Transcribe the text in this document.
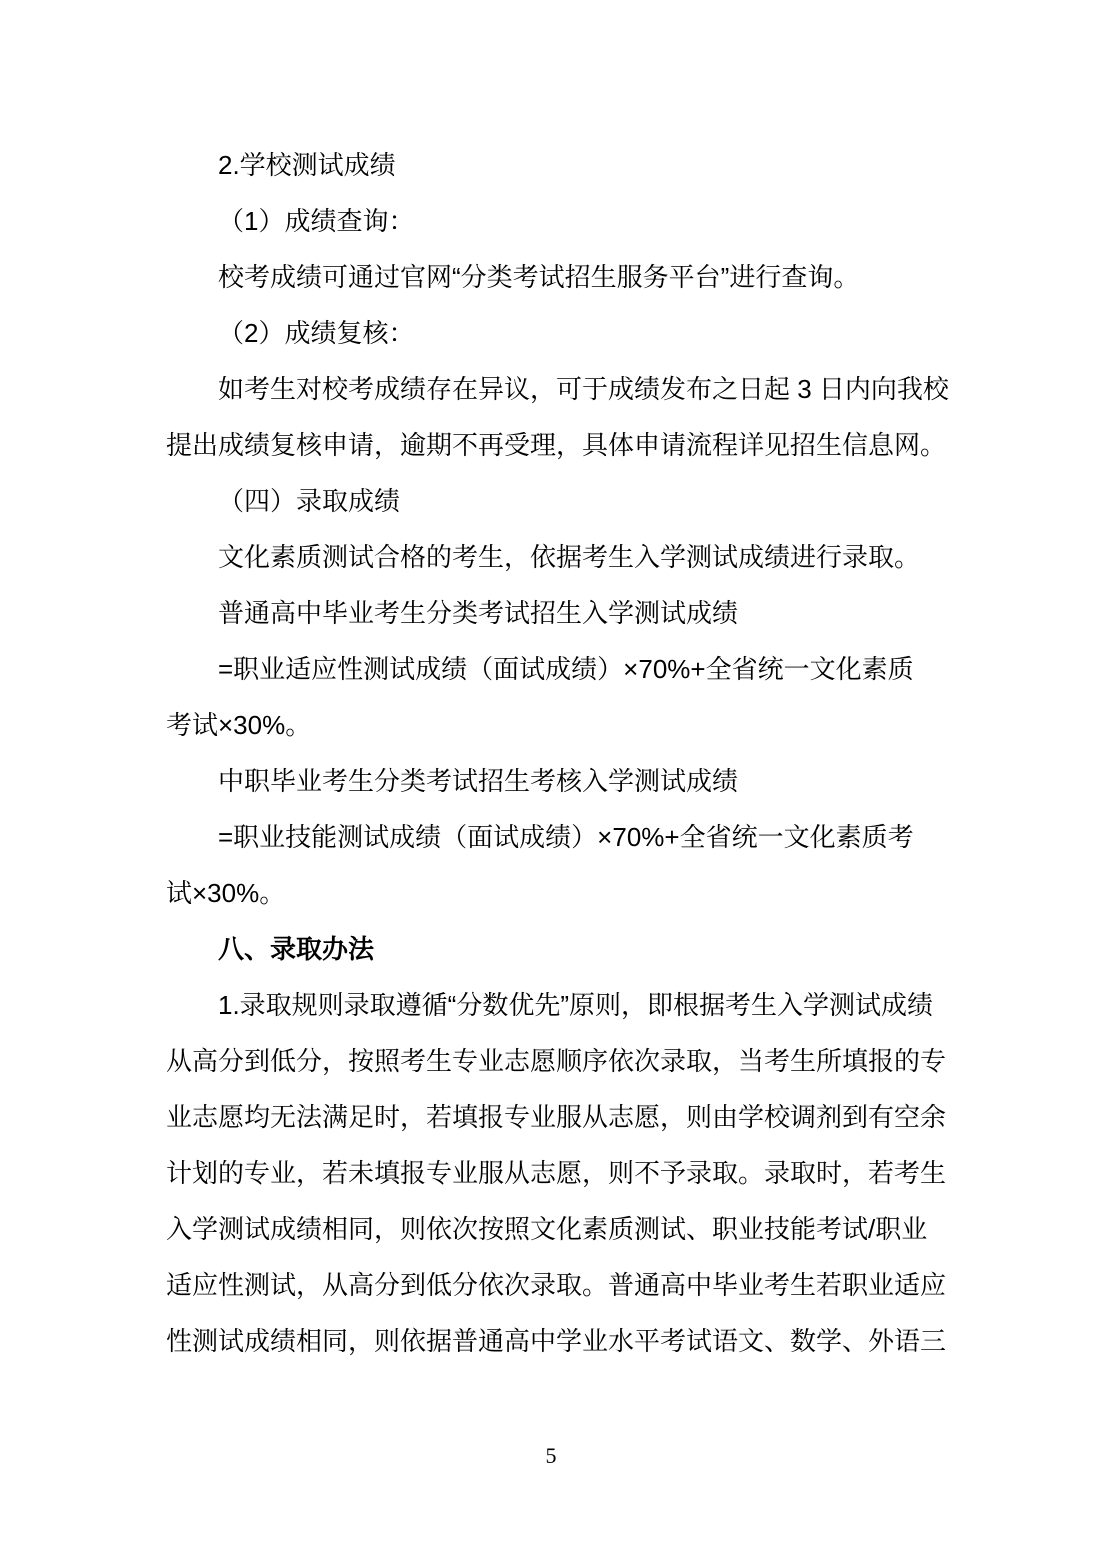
2.学校测试成绩
（1）成绩查询：
校考成绩可通过官网“分类考试招生服务平台”进行查询。
（2）成绩复核：
如考生对校考成绩存在异议，可于成绩发布之日起 3 日内向我校
提出成绩复核申请，逾期不再受理，具体申请流程详见招生信息网。
（四）录取成绩
文化素质测试合格的考生，依据考生入学测试成绩进行录取。
普通高中毕业考生分类考试招生入学测试成绩
=职业适应性测试成绩（面试成绩）×70%+全省统一文化素质
考试×30%。
中职毕业考生分类考试招生考核入学测试成绩
=职业技能测试成绩（面试成绩）×70%+全省统一文化素质考
试×30%。
八、录取办法
1.录取规则录取遵循“分数优先”原则，即根据考生入学测试成绩
从高分到低分，按照考生专业志愿顺序依次录取，当考生所填报的专
业志愿均无法满足时，若填报专业服从志愿，则由学校调剂到有空余
计划的专业，若未填报专业服从志愿，则不予录取。录取时，若考生
入学测试成绩相同，则依次按照文化素质测试、职业技能考试/职业
适应性测试，从高分到低分依次录取。普通高中毕业考生若职业适应
性测试成绩相同，则依据普通高中学业水平考试语文、数学、外语三
5
